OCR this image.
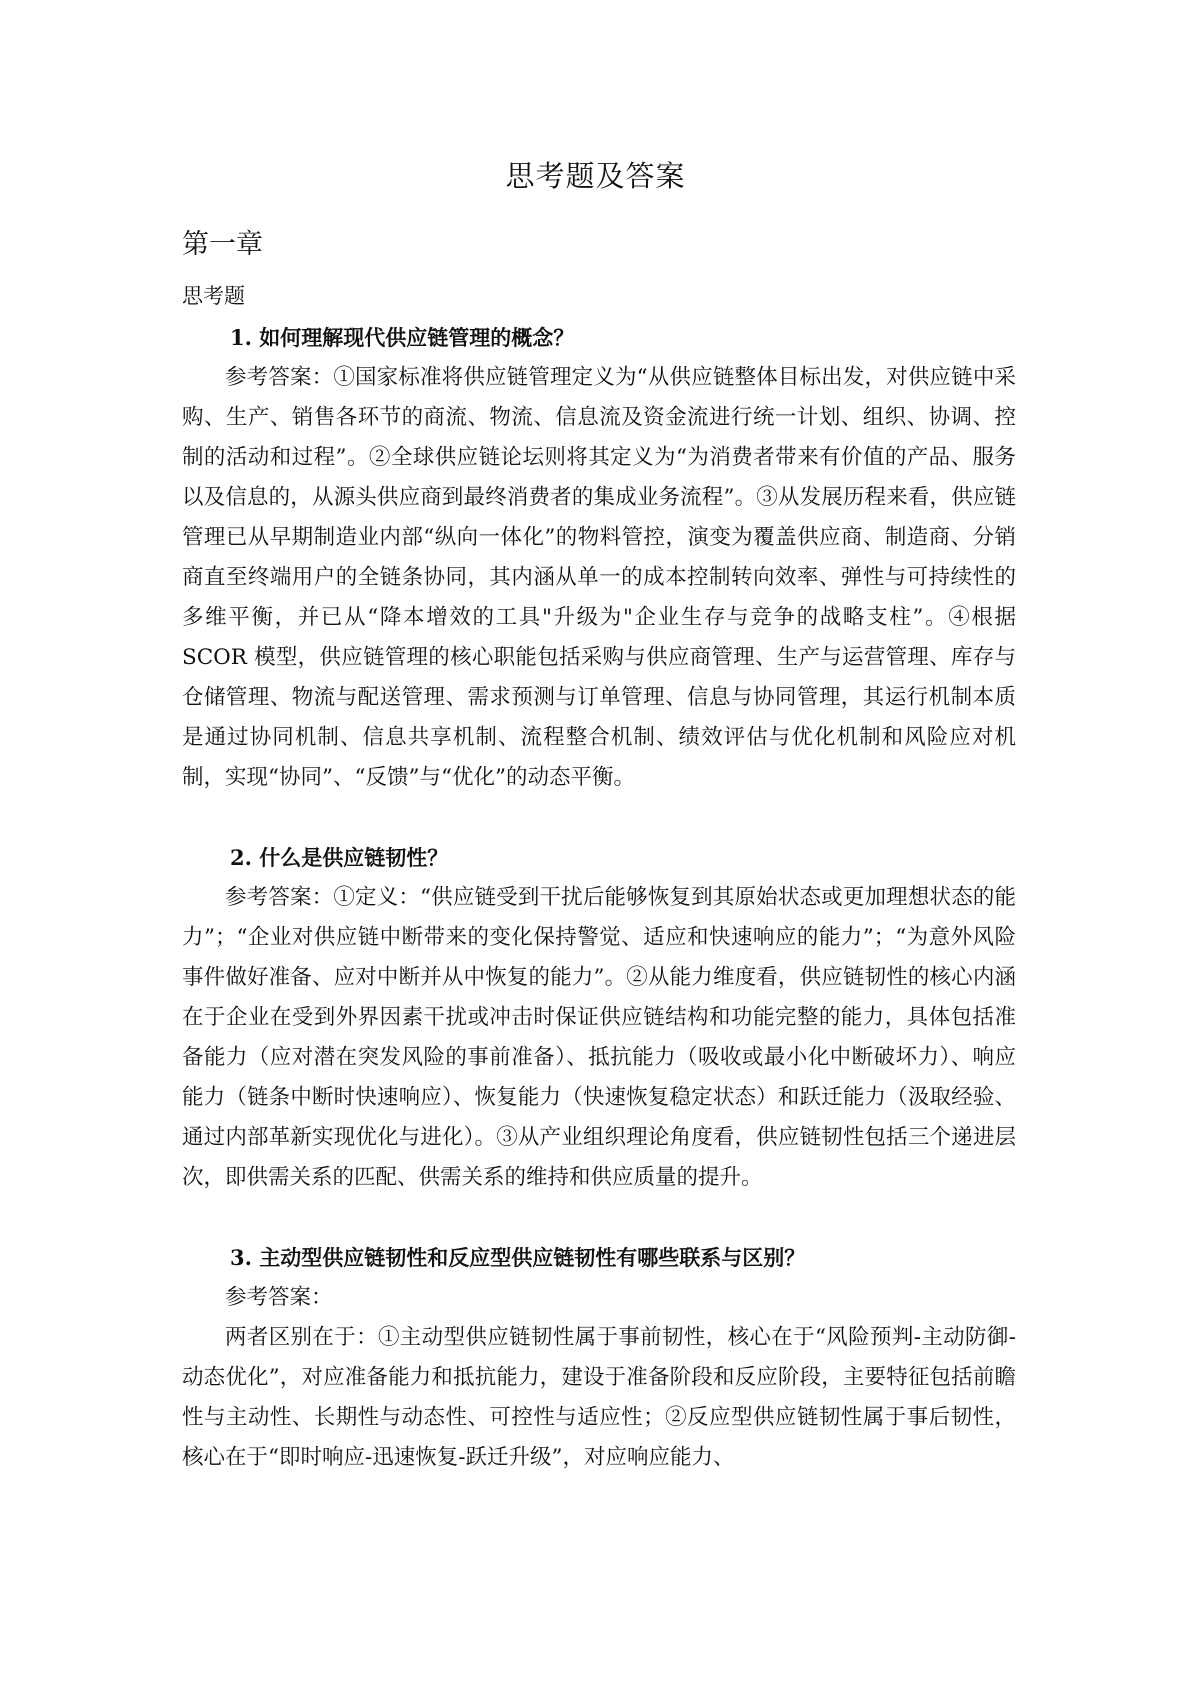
思考题及答案
第一章
思考题

1. 如何理解现代供应链管理的概念？

参考答案：①国家标准将供应链管理定义为“从供应链整体目标出发，对供应链中采购、生产、销售各环节的商流、物流、信息流及资金流进行统一计划、组织、协调、控制的活动和过程”。②全球供应链论坛则将其定义为“为消费者带来有价值的产品、服务以及信息的，从源头供应商到最终消费者的集成业务流程”。③从发展历程来看，供应链管理已从早期制造业内部“纵向一体化”的物料管控，演变为覆盖供应商、制造商、分销商直至终端用户的全链条协同，其内涵从单一的成本控制转向效率、弹性与可持续性的多维平衡，并已从“降本增效的工具"升级为"企业生存与竞争的战略支柱”。④根据 SCOR 模型，供应链管理的核心职能包括采购与供应商管理、生产与运营管理、库存与仓储管理、物流与配送管理、需求预测与订单管理、信息与协同管理，其运行机制本质是通过协同机制、信息共享机制、流程整合机制、绩效评估与优化机制和风险应对机制，实现“协同”、“反馈”与“优化”的动态平衡。

2. 什么是供应链韧性？

参考答案：①定义：“供应链受到干扰后能够恢复到其原始状态或更加理想状态的能力”；“企业对供应链中断带来的变化保持警觉、适应和快速响应的能力”；“为意外风险事件做好准备、应对中断并从中恢复的能力”。②从能力维度看，供应链韧性的核心内涵在于企业在受到外界因素干扰或冲击时保证供应链结构和功能完整的能力，具体包括准备能力（应对潜在突发风险的事前准备）、抵抗能力（吸收或最小化中断破坏力）、响应能力（链条中断时快速响应）、恢复能力（快速恢复稳定状态）和跃迁能力（汲取经验、通过内部革新实现优化与进化）。③从产业组织理论角度看，供应链韧性包括三个递进层次，即供需关系的匹配、供需关系的维持和供应质量的提升。

3. 主动型供应链韧性和反应型供应链韧性有哪些联系与区别？

参考答案：

两者区别在于：①主动型供应链韧性属于事前韧性，核心在于“风险预判-主动防御-动态优化”，对应准备能力和抵抗能力，建设于准备阶段和反应阶段，主要特征包括前瞻性与主动性、长期性与动态性、可控性与适应性；②反应型供应链韧性属于事后韧性，核心在于“即时响应-迅速恢复-跃迁升级”，对应响应能力、
